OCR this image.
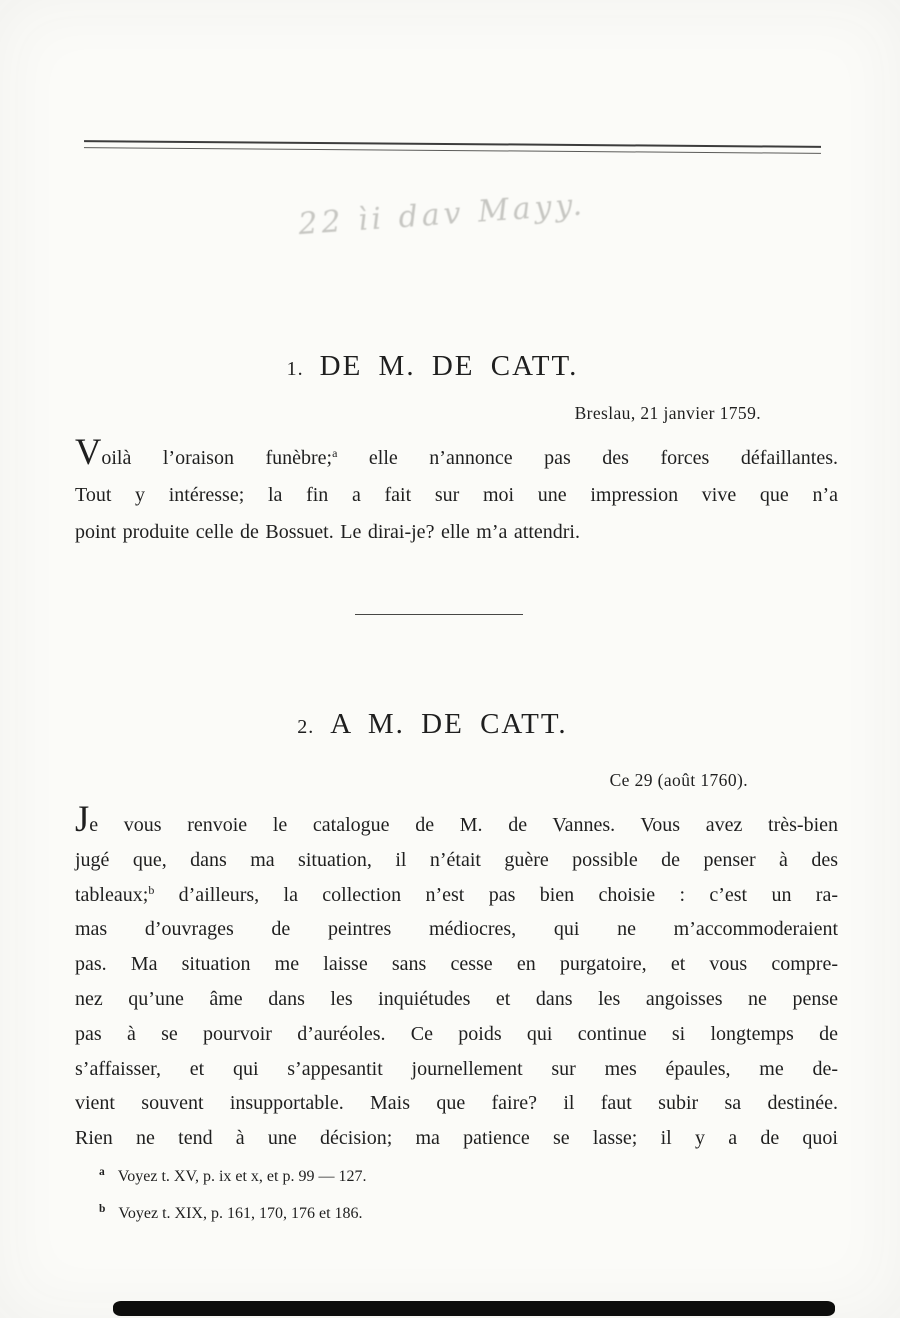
22 ìi dav Mayy.
1. DE M. DE CATT.
Breslau, 21 janvier 1759.
Voilà l’oraison funèbre;$^a$ elle n’annonce pas des forces défaillantes.
Tout y intéresse; la fin a fait sur moi une impression vive que n’a
point produite celle de Bossuet. Le dirai-je? elle m’a attendri.
2. A M. DE CATT.
Ce 29 (août 1760).
Je vous renvoie le catalogue de M. de Vannes. Vous avez très-bien
jugé que, dans ma situation, il n’était guère possible de penser à des
tableaux;$^b$ d’ailleurs, la collection n’est pas bien choisie : c’est un ra-
mas d’ouvrages de peintres médiocres, qui ne m’accommoderaient
pas. Ma situation me laisse sans cesse en purgatoire, et vous compre-
nez qu’une âme dans les inquiétudes et dans les angoisses ne pense
pas à se pourvoir d’auréoles. Ce poids qui continue si longtemps de
s’affaisser, et qui s’appesantit journellement sur mes épaules, me de-
vient souvent insupportable. Mais que faire? il faut subir sa destinée.
Rien ne tend à une décision; ma patience se lasse; il y a de quoi
$^a$ Voyez t. XV, p. ix et x, et p. 99 — 127.
$^b$ Voyez t. XIX, p. 161, 170, 176 et 186.
